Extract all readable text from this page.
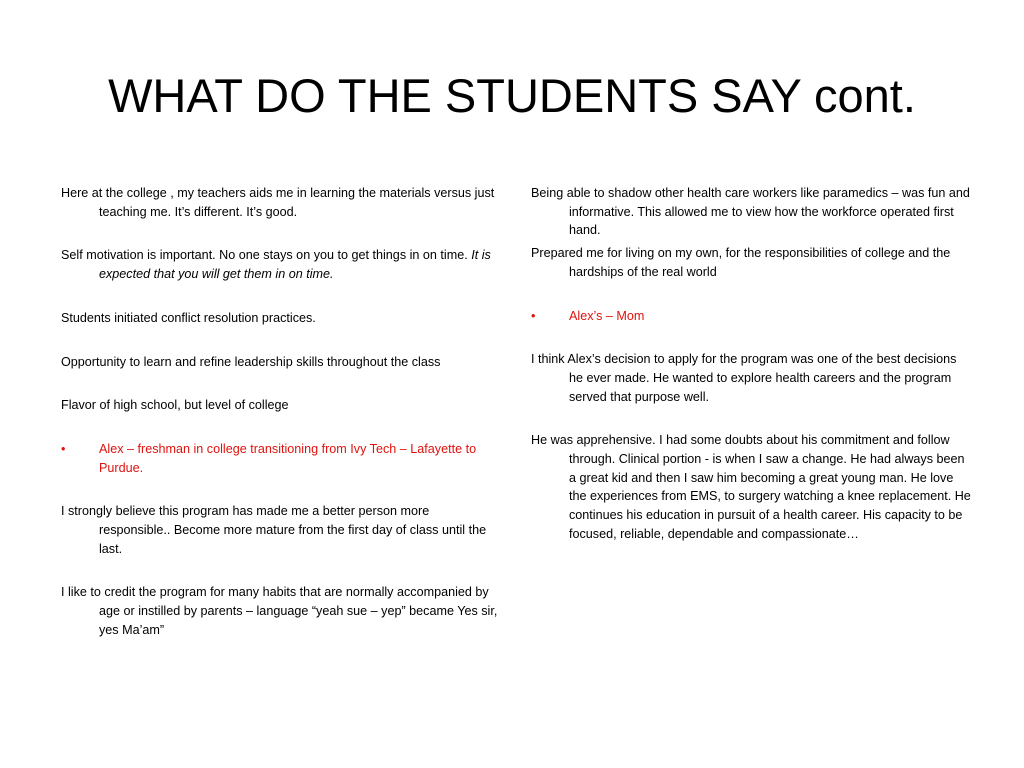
WHAT DO THE STUDENTS SAY cont.

Here at the college , my teachers aids me in learning the materials versus just teaching me. It’s different. It’s good.

Self motivation is important. No one stays on you to get things in on time. It is expected that you will get them in on time.

Students initiated conflict resolution practices.

Opportunity to learn and refine leadership skills throughout the class

Flavor of high school, but level of college

•	Alex – freshman in college transitioning from Ivy Tech – Lafayette to Purdue.

I strongly believe this program has made me a better person more responsible.. Become more mature from the first day of class until the last.

I like to credit the program for many habits that are normally accompanied by age or instilled by parents – language “yeah sue – yep” became Yes sir, yes Ma’am”

Being able to shadow other health care workers like paramedics – was fun and informative. This allowed me to view how the workforce operated first hand.

Prepared me for living on my own, for the responsibilities of college and the hardships of the real world

•	Alex’s – Mom

I think Alex’s decision to apply for the program was one of the best decisions he ever made. He wanted to explore health careers and the program served that purpose well.

He was apprehensive. I had some doubts about his commitment and follow through. Clinical portion - is when I saw a change. He had always been a great kid and then I saw him becoming a great young man. He love the experiences from EMS, to surgery watching a knee replacement. He continues his education in pursuit of a health career. His capacity to be focused, reliable, dependable and compassionate…
